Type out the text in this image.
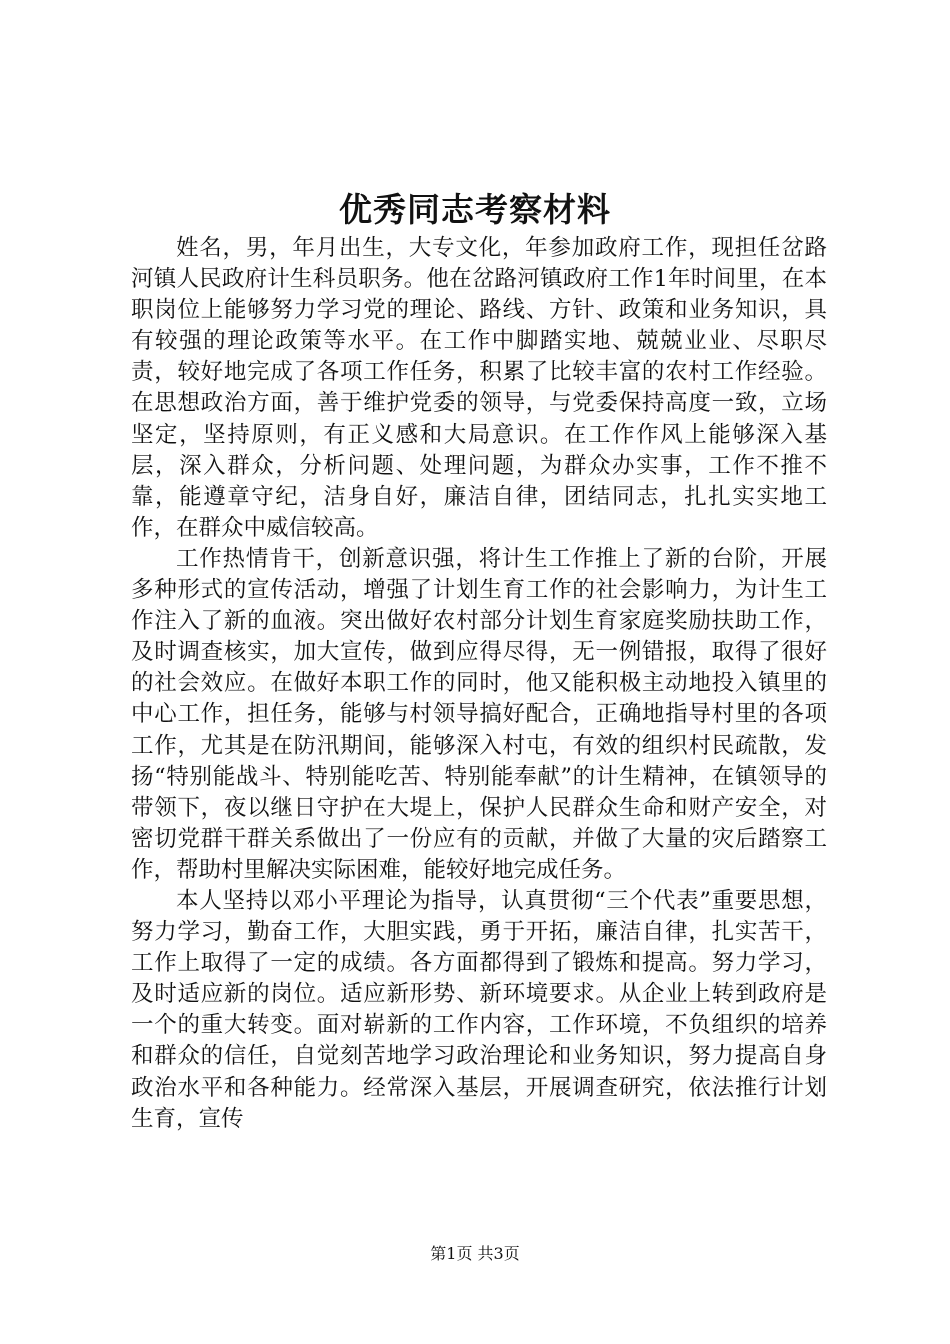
优秀同志考察材料

姓名，男，年月出生，大专文化，年参加政府工作，现担任岔路河镇人民政府计生科员职务。他在岔路河镇政府工作1年时间里，在本职岗位上能够努力学习党的理论、路线、方针、政策和业务知识，具有较强的理论政策等水平。在工作中脚踏实地、兢兢业业、尽职尽责，较好地完成了各项工作任务，积累了比较丰富的农村工作经验。在思想政治方面，善于维护党委的领导，与党委保持高度一致，立场坚定，坚持原则，有正义感和大局意识。在工作作风上能够深入基层，深入群众，分析问题、处理问题，为群众办实事，工作不推不靠，能遵章守纪，洁身自好，廉洁自律，团结同志，扎扎实实地工作，在群众中威信较高。

工作热情肯干，创新意识强，将计生工作推上了新的台阶，开展多种形式的宣传活动，增强了计划生育工作的社会影响力，为计生工作注入了新的血液。突出做好农村部分计划生育家庭奖励扶助工作，及时调查核实，加大宣传，做到应得尽得，无一例错报，取得了很好的社会效应。在做好本职工作的同时，他又能积极主动地投入镇里的中心工作，担任务，能够与村领导搞好配合，正确地指导村里的各项工作，尤其是在防汛期间，能够深入村屯，有效的组织村民疏散，发扬“特别能战斗、特别能吃苦、特别能奉献”的计生精神，在镇领导的带领下，夜以继日守护在大堤上，保护人民群众生命和财产安全，对密切党群干群关系做出了一份应有的贡献，并做了大量的灾后踏察工作，帮助村里解决实际困难，能较好地完成任务。

本人坚持以邓小平理论为指导，认真贯彻“三个代表”重要思想，努力学习，勤奋工作，大胆实践，勇于开拓，廉洁自律，扎实苦干，工作上取得了一定的成绩。各方面都得到了锻炼和提高。努力学习，及时适应新的岗位。适应新形势、新环境要求。从企业上转到政府是一个的重大转变。面对崭新的工作内容，工作环境，不负组织的培养和群众的信任，自觉刻苦地学习政治理论和业务知识，努力提高自身政治水平和各种能力。经常深入基层，开展调查研究，依法推行计划生育，宣传

第1页 共3页
